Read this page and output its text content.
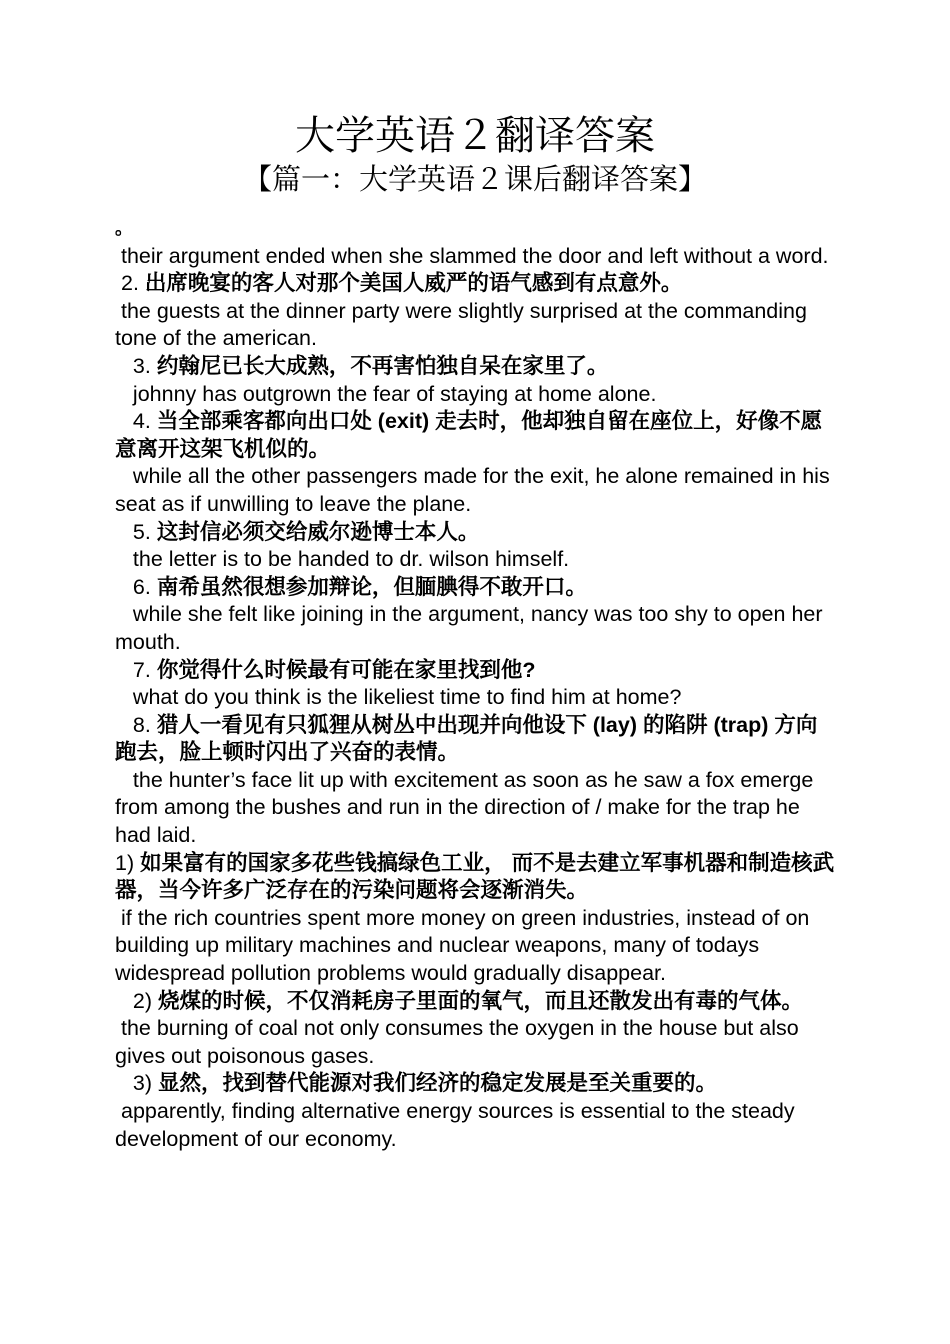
大学英语２翻译答案
【篇一：大学英语２课后翻译答案】
。
their argument ended when she slammed the door and left without a word.
2. 出席晚宴的客人对那个美国人威严的语气感到有点意外。
the guests at the dinner party were slightly surprised at the commanding tone of the american.
3. 约翰尼已长大成熟，不再害怕独自呆在家里了。
johnny has outgrown the fear of staying at home alone.
4. 当全部乘客都向出口处 (exit) 走去时，他却独自留在座位上，好像不愿意离开这架飞机似的。
while all the other passengers made for the exit, he alone remained in his seat as if unwilling to leave the plane.
5. 这封信必须交给威尔逊博士本人。
the letter is to be handed to dr. wilson himself.
6. 南希虽然很想参加辩论，但腼腆得不敢开口。
while she felt like joining in the argument, nancy was too shy to open her mouth.
7. 你觉得什么时候最有可能在家里找到他?
what do you think is the likeliest time to find him at home?
8. 猎人一看见有只狐狸从树丛中出现并向他设下 (lay) 的陷阱 (trap) 方向跑去，脸上顿时闪出了兴奋的表情。
the hunter’s face lit up with excitement as soon as he saw a fox emerge from among the bushes and run in the direction of / make for the trap he had laid.
1) 如果富有的国家多花些钱搞绿色工业， 而不是去建立军事机器和制造核武器，当今许多广泛存在的污染问题将会逐渐消失。
if the rich countries spent more money on green industries, instead of on building up military machines and nuclear weapons, many of todays widespread pollution problems would gradually disappear.
2) 烧煤的时候，不仅消耗房子里面的氧气，而且还散发出有毒的气体。
the burning of coal not only consumes the oxygen in the house but also gives out poisonous gases.
3) 显然，找到替代能源对我们经济的稳定发展是至关重要的。
apparently, finding alternative energy sources is essential to the steady development of our economy.
